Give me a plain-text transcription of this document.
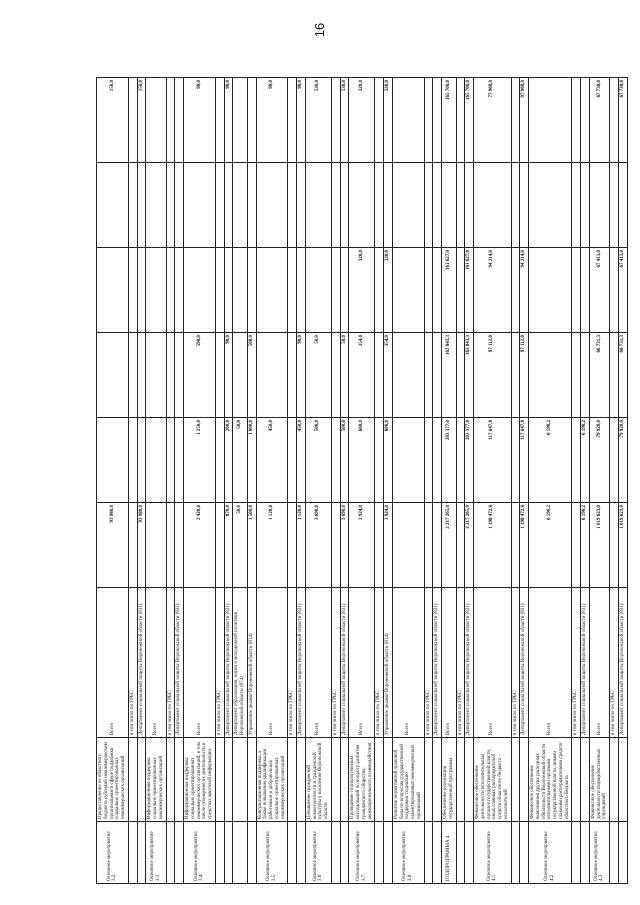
16
Основное мероприятие 3.2	Предоставление из областного бюджета субсидий некоммерческим организациям в сфере поддержки социально ориентированных некоммерческих организаций	Всего	93 980,0					150,0
		в том числе по ГРБС:						
		Департамент социальной защиты Воронежской области (831)	93 980,0					150,0
Основное мероприятие 3.3	Информационная поддержка социально ориентированных некоммерческих организаций	Всего						
		в том числе по ГРБС:						
		Департамент социальной защиты Воронежской области (831)						
Основное мероприятие 3.4	Информационная поддержка социально ориентированных некоммерческих организаций, в том числе освещение их деятельности в средствах массовой информации	Всего	2 420,0	1 250,0	590,0			90,0
		в том числе по ГРБС:						
		Департамент социальной защиты Воронежской области (831)	870,0	200,0	90,0			90,0
		Департамент образования, науки и молодежной политики Воронежской области (874)	50,0	50,0				
		Управление делами Воронежской области (814)	1 500,0	1 000,0	500,0			
Основное мероприятие 3.5	Консультационная поддержка, а также повышение квалификации работников и добровольцев социально ориентированных некоммерческих организаций	Всего	1 120,0	450,0				90,0
		в том числе по ГРБС:						
		Департамент социальной защиты Воронежской области (831)	1 120,0	450,0	90,0			90,0
Основное мероприятие 3.6	Повышение гражданской компетентности и гражданской культуры у населения Воронежской области	Всего	3 690,0	500,0	50,0			530,0
		в том числе по ГРБС:						
		Департамент социальной защиты Воронежской области (831)	3 690,0	500,0	50,0			530,0
Основное мероприятие 3.7	Проведение социологических исследований по вопросу развития гражданского общества, межнационального взаимодействия	Всего	3 924,0	600,0	354,0	320,0		320,0
		в том числе по ГРБС:						
		Управление делами Воронежской области (814)	3 924,0	600,0	354,0	320,0		320,0
Основное мероприятие 3.8	Развитие нормативной правовой базы по вопросам государственной поддержки социально ориентированных некоммерческих организаций	Всего						
		в том числе по ГРБС:						
		Департамент социальной защиты Воронежской области (831)						
ПОДПРОГРАММА 4	Обеспечение реализации государственной программы	Всего	2 217 265,0	203 377,0	163 843,3	161 627,0		165 706,0
		в том числе по ГРБС:						
		Департамент социальной защиты Воронежской области (831)	2 217 265,0	203 377,0	163 843,3	161 627,0		165 706,0
Основное мероприятие 4.1	Финансовое обеспечение деятельности исполнительных органов государственной власти, иных главных распорядителей средств областного бюджета – исполнителей	Всего	1 198 472,8	117 647,8	97 112,0	94 214,0		77 968,0
		в том числе по ГРБС:						
		Департамент социальной защиты Воронежской области (831)	1 198 472,8	117 647,8	97 112,0	94 214,0		97 968,0
Основное мероприятие 4.2	Финансовое обеспечение выполнения других расходных обязательств Воронежской области исполнительными органами государственной власти, иными главными распорядителями средств областного бюджета	Всего	6 190,2	6 190,2				
		в том числе по ГРБС:						
		Департамент социальной защиты Воронежской области (831)	6 190,2	6 190,2				
Основное мероприятие 4.3	Финансовое обеспечение деятельности подведомственных учреждений	Всего	1 019 623,0	79 920,0	66 731,3	67 413,0		67 738,0
		в том числе по ГРБС:						
		Департамент социальной защиты Воронежской области (831)	1 019 623,0	79 920,0	66 731,3	67 413,0		67 738,0
